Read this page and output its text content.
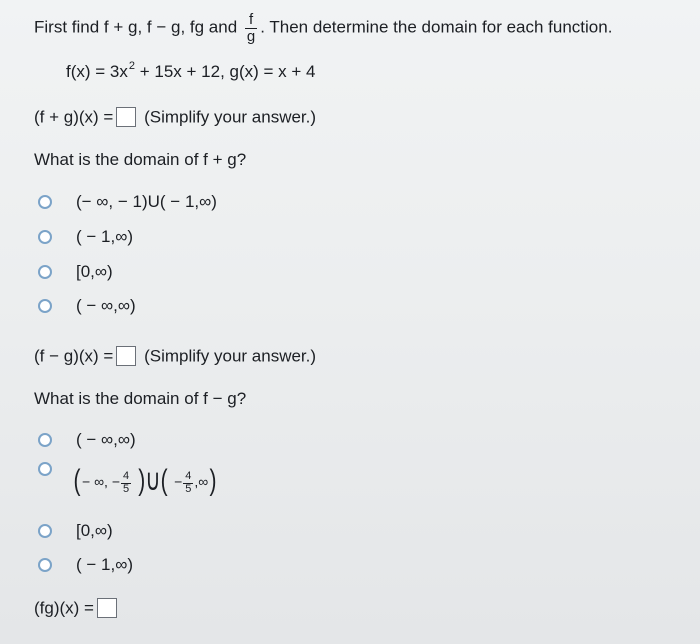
First find f + g, f − g, fg and $\frac{f}{g}$ . Then determine the domain for each function.
$f(x) = 3x^2 + 15x + 12$, g(x) = x + 4
(f + g)(x) = (Simplify your answer.)
What is the domain of f + g?
(− ∞, − 1)U( − 1,∞)
( − 1,∞)
[0,∞)
( − ∞,∞)
(f − g)(x) = (Simplify your answer.)
What is the domain of f − g?
( − ∞,∞)
( − ∞, − $\frac{4}{5}$ )∪( − $\frac{4}{5}$ ,∞)
[0,∞)
( − 1,∞)
(fg)(x) =
